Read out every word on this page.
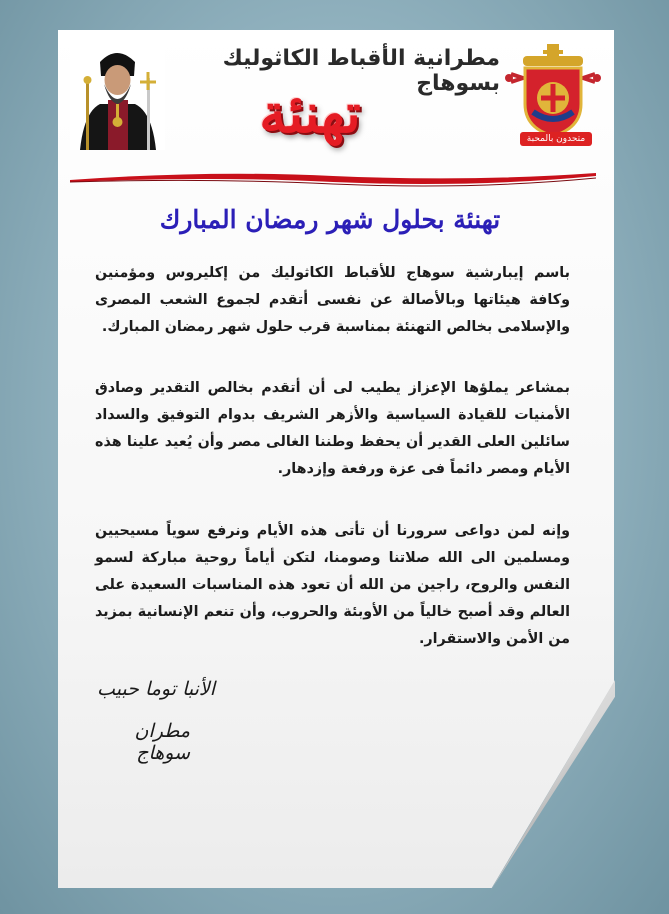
مطرانية الأقباط الكاثوليك بسوهاج
تهنئة	متحدون بالمحبة
تهنئة بحلول شهر رمضان المبارك
باسم إيبارشية سوهاج للأقباط الكاثوليك من إكليروس ومؤمنين وكافة هيئاتها وبالأصالة عن نفسى أتقدم لجموع الشعب المصرى والإسلامى بخالص التهنئة بمناسبة قرب حلول شهر رمضان المبارك.
بمشاعر يملؤها الإعزاز يطيب لى أن أتقدم بخالص التقدير وصادق الأمنيات للقيادة السياسية والأزهر الشريف بدوام التوفيق والسداد سائلين العلى القدير أن يحفظ وطننا الغالى مصر وأن يُعيد علينا هذه الأيام ومصر دائماً فى عزة ورفعة وإزدهار.
وإنه لمن دواعى سرورنا أن تأتى هذه الأيام ونرفع سوياً مسيحيين ومسلمين الى الله صلاتنا وصومنا، لتكن أياماً روحية مباركة لسمو النفس والروح، راجين من الله أن تعود هذه المناسبات السعيدة على العالم وقد أصبح خالياً من الأوبئة والحروب، وأن تنعم الإنسانية بمزيد من الأمن والاستقرار.
الأنبا توما حبيب
مطران سوهاج
